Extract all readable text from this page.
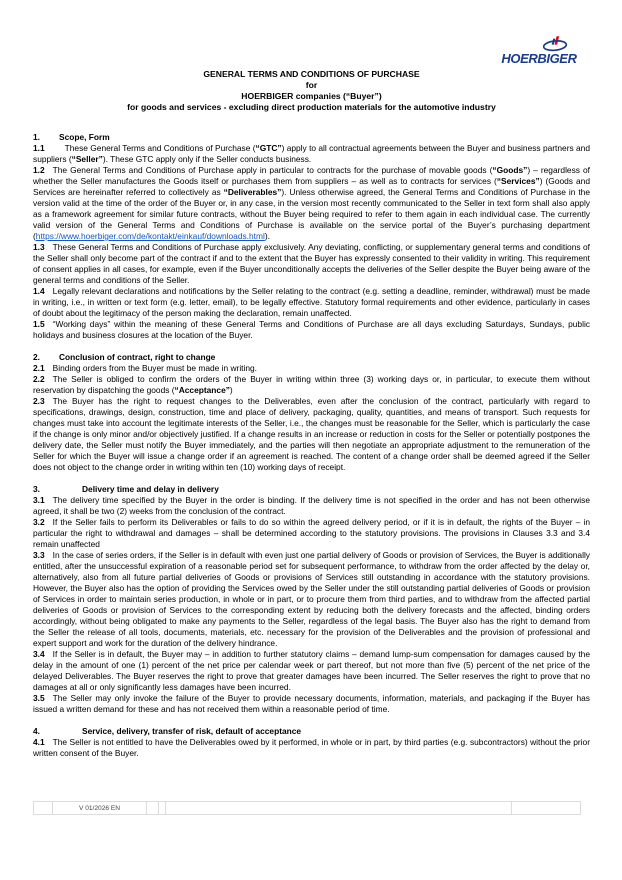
HOERBIGER
GENERAL TERMS AND CONDITIONS OF PURCHASE
for
HOERBIGER companies (“Buyer”)
for goods and services - excluding direct production materials for the automotive industry
1. Scope, Form

1.1 These General Terms and Conditions of Purchase (“GTC”) apply to all contractual agreements between the Buyer and business partners and suppliers (“Seller”). These GTC apply only if the Seller conducts business.

1.2 The General Terms and Conditions of Purchase apply in particular to contracts for the purchase of movable goods (“Goods”) – regardless of whether the Seller manufactures the Goods itself or purchases them from suppliers – as well as to contracts for services (“Services”) (Goods and Services are hereinafter referred to collectively as “Deliverables”). Unless otherwise agreed, the General Terms and Conditions of Purchase in the version valid at the time of the order of the Buyer or, in any case, in the version most recently communicated to the Seller in text form shall also apply as a framework agreement for similar future contracts, without the Buyer being required to refer to them again in each individual case. The currently valid version of the General Terms and Conditions of Purchase is available on the service portal of the Buyer’s purchasing department (https://www.hoerbiger.com/de/kontakt/einkauf/downloads.html).

1.3 These General Terms and Conditions of Purchase apply exclusively. Any deviating, conflicting, or supplementary general terms and conditions of the Seller shall only become part of the contract if and to the extent that the Buyer has expressly consented to their validity in writing. This requirement of consent applies in all cases, for example, even if the Buyer unconditionally accepts the deliveries of the Seller despite the Buyer being aware of the general terms and conditions of the Seller.

1.4 Legally relevant declarations and notifications by the Seller relating to the contract (e.g. setting a deadline, reminder, withdrawal) must be made in writing, i.e., in written or text form (e.g. letter, email), to be legally effective. Statutory formal requirements and other evidence, particularly in cases of doubt about the legitimacy of the person making the declaration, remain unaffected.

1.5 “Working days” within the meaning of these General Terms and Conditions of Purchase are all days excluding Saturdays, Sundays, public holidays and business closures at the location of the Buyer.

2. Conclusion of contract, right to change

2.1 Binding orders from the Buyer must be made in writing.

2.2 The Seller is obliged to confirm the orders of the Buyer in writing within three (3) working days or, in particular, to execute them without reservation by dispatching the goods (“Acceptance”)

2.3 The Buyer has the right to request changes to the Deliverables, even after the conclusion of the contract, particularly with regard to specifications, drawings, design, construction, time and place of delivery, packaging, quality, quantities, and means of transport. Such requests for changes must take into account the legitimate interests of the Seller, i.e., the changes must be reasonable for the Seller, which is particularly the case if the change is only minor and/or objectively justified. If a change results in an increase or reduction in costs for the Seller or potentially postpones the delivery date, the Seller must notify the Buyer immediately, and the parties will then negotiate an appropriate adjustment to the remuneration of the Seller for which the Buyer will issue a change order if an agreement is reached. The content of a change order shall be deemed agreed if the Seller does not object to the change order in writing within ten (10) working days of receipt.

3.	Delivery time and delay in delivery

3.1 The delivery time specified by the Buyer in the order is binding. If the delivery time is not specified in the order and has not been otherwise agreed, it shall be two (2) weeks from the conclusion of the contract.

3.2 If the Seller fails to perform its Deliverables or fails to do so within the agreed delivery period, or if it is in default, the rights of the Buyer – in particular the right to withdrawal and damages – shall be determined according to the statutory provisions. The provisions in Clauses 3.3 and 3.4 remain unaffected

3.3 In the case of series orders, if the Seller is in default with even just one partial delivery of Goods or provision of Services, the Buyer is additionally entitled, after the unsuccessful expiration of a reasonable period set for subsequent performance, to withdraw from the order affected by the delay or, alternatively, also from all future partial deliveries of Goods or provisions of Services still outstanding in accordance with the statutory provisions. However, the Buyer also has the option of providing the Services owed by the Seller under the still outstanding partial deliveries of Goods or provision of Services in order to maintain series production, in whole or in part, or to procure them from third parties, and to withdraw from the affected partial deliveries of Goods or provision of Services to the corresponding extent by reducing both the delivery forecasts and the affected, binding orders accordingly, without being obligated to make any payments to the Seller, regardless of the legal basis. The Buyer also has the right to demand from the Seller the release of all tools, documents, materials, etc. necessary for the provision of the Deliverables and the provision of professional and expert support and work for the duration of the delivery hindrance.

3.4 If the Seller is in default, the Buyer may – in addition to further statutory claims – demand lump-sum compensation for damages caused by the delay in the amount of one (1) percent of the net price per calendar week or part thereof, but not more than five (5) percent of the net price of the delayed Deliverables. The Buyer reserves the right to prove that greater damages have been incurred. The Seller reserves the right to prove that no damages at all or only significantly less damages have been incurred.

3.5 The Seller may only invoke the failure of the Buyer to provide necessary documents, information, materials, and packaging if the Buyer has issued a written demand for these and has not received them within a reasonable period of time.

4.	Service, delivery, transfer of risk, default of acceptance

4.1 The Seller is not entitled to have the Deliverables owed by it performed, in whole or in part, by third parties (e.g. subcontractors) without the prior written consent of the Buyer.

V 01/2026 EN
